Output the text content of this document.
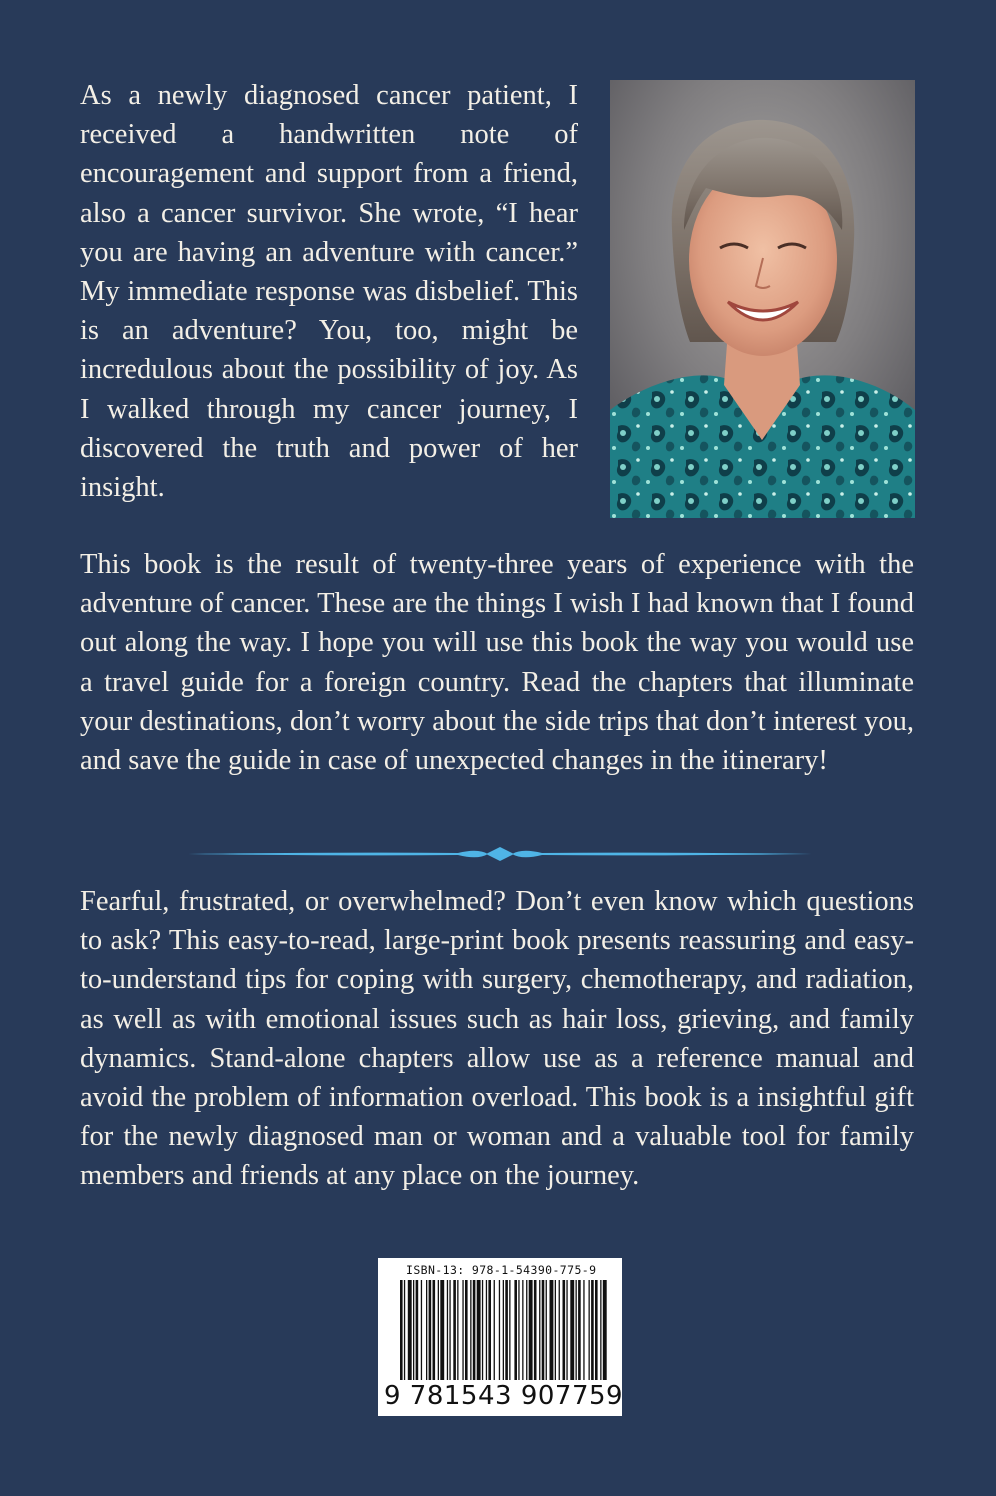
As a newly diagnosed cancer patient, I received a handwritten note of encouragement and support from a friend, also a cancer survivor. She wrote, “I hear you are having an adventure with cancer.” My immediate response was disbelief. This is an adventure? You, too, might be incredulous about the possibility of joy. As I walked through my cancer journey, I discovered the truth and power of her insight.

This book is the result of twenty-three years of experience with the adventure of cancer. These are the things I wish I had known that I found out along the way. I hope you will use this book the way you would use a travel guide for a foreign country. Read the chapters that illuminate your destinations, don’t worry about the side trips that don’t interest you, and save the guide in case of unexpected changes in the itinerary!

Fearful, frustrated, or overwhelmed? Don’t even know which questions to ask? This easy-to-read, large-print book presents reassuring and easy-to-understand tips for coping with surgery, chemotherapy, and radiation, as well as with emotional issues such as hair loss, grieving, and family dynamics. Stand-alone chapters allow use as a reference manual and avoid the problem of information overload. This book is a insightful gift for the newly diagnosed man or woman and a valuable tool for family members and friends at any place on the journey.

ISBN-13: 978-1-54390-775-9
9 781543 907759
